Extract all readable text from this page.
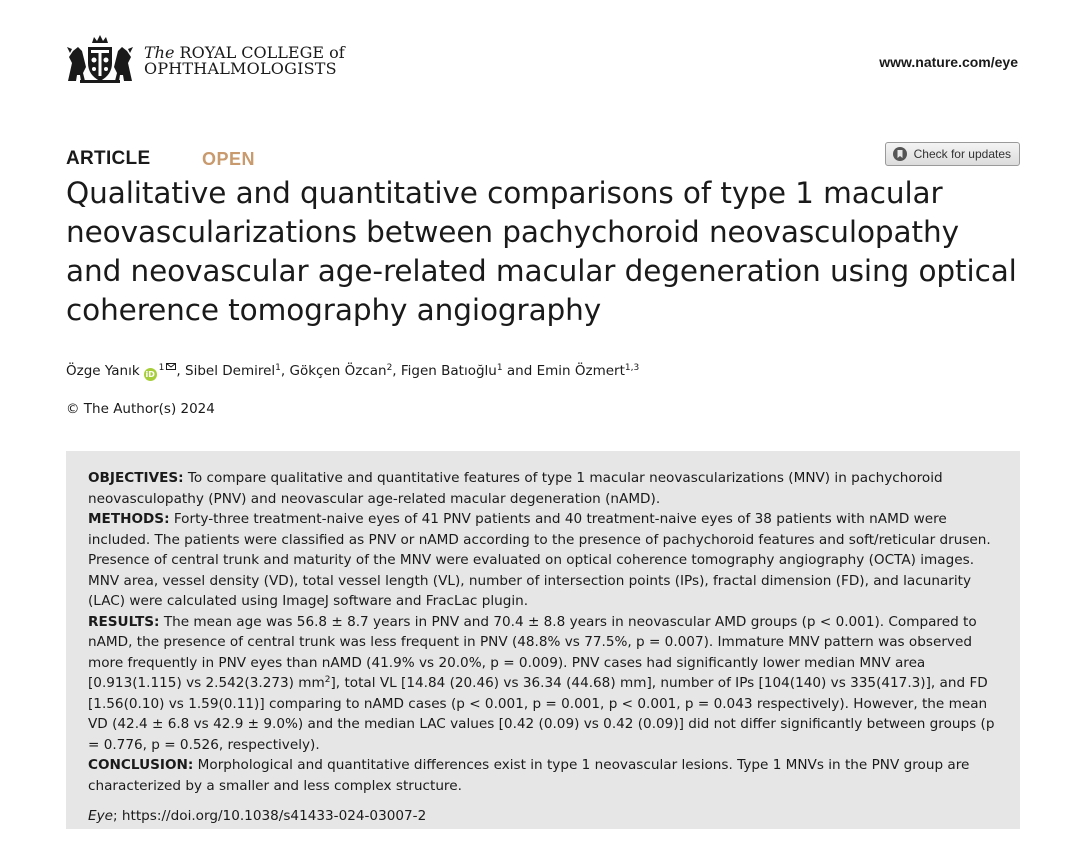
The ROYAL COLLEGE of
OPHTHALMOLOGISTS	www.nature.com/eye
ARTICLE	OPEN	Check for updates
Qualitative and quantitative comparisons of type 1 macular neovascularizations between pachychoroid neovasculopathy and neovascular age-related macular degeneration using optical coherence tomography angiography
Özge Yanık $iD^1$ , Sibel Demirel$^1$, Gökçen Özcan$^2$, Figen Batıoğlu$^1$ and Emin Özmert$^{1,3}$
© The Author(s) 2024

OBJECTIVES: To compare qualitative and quantitative features of type 1 macular neovascularizations (MNV) in pachychoroid neovasculopathy (PNV) and neovascular age-related macular degeneration (nAMD).

METHODS: Forty-three treatment-naive eyes of 41 PNV patients and 40 treatment-naive eyes of 38 patients with nAMD were included. The patients were classified as PNV or nAMD according to the presence of pachychoroid features and soft/reticular drusen. Presence of central trunk and maturity of the MNV were evaluated on optical coherence tomography angiography (OCTA) images. MNV area, vessel density (VD), total vessel length (VL), number of intersection points (IPs), fractal dimension (FD), and lacunarity (LAC) were calculated using ImageJ software and FracLac plugin.

RESULTS: The mean age was 56.8 ± 8.7 years in PNV and 70.4 ± 8.8 years in neovascular AMD groups (p < 0.001). Compared to nAMD, the presence of central trunk was less frequent in PNV (48.8% vs 77.5%, p = 0.007). Immature MNV pattern was observed more frequently in PNV eyes than nAMD (41.9% vs 20.0%, p = 0.009). PNV cases had significantly lower median MNV area [0.913(1.115) vs 2.542(3.273) $mm^2$], total VL [14.84 (20.46) vs 36.34 (44.68) mm], number of IPs [104(140) vs 335(417.3)], and FD [1.56(0.10) vs 1.59(0.11)] comparing to nAMD cases (p < 0.001, p = 0.001, p < 0.001, p = 0.043 respectively). However, the mean VD (42.4 ± 6.8 vs 42.9 ± 9.0%) and the median LAC values [0.42 (0.09) vs 0.42 (0.09)] did not differ significantly between groups (p = 0.776, p = 0.526, respectively).

CONCLUSION: Morphological and quantitative differences exist in type 1 neovascular lesions. Type 1 MNVs in the PNV group are characterized by a smaller and less complex structure.

Eye; https://doi.org/10.1038/s41433-024-03007-2
